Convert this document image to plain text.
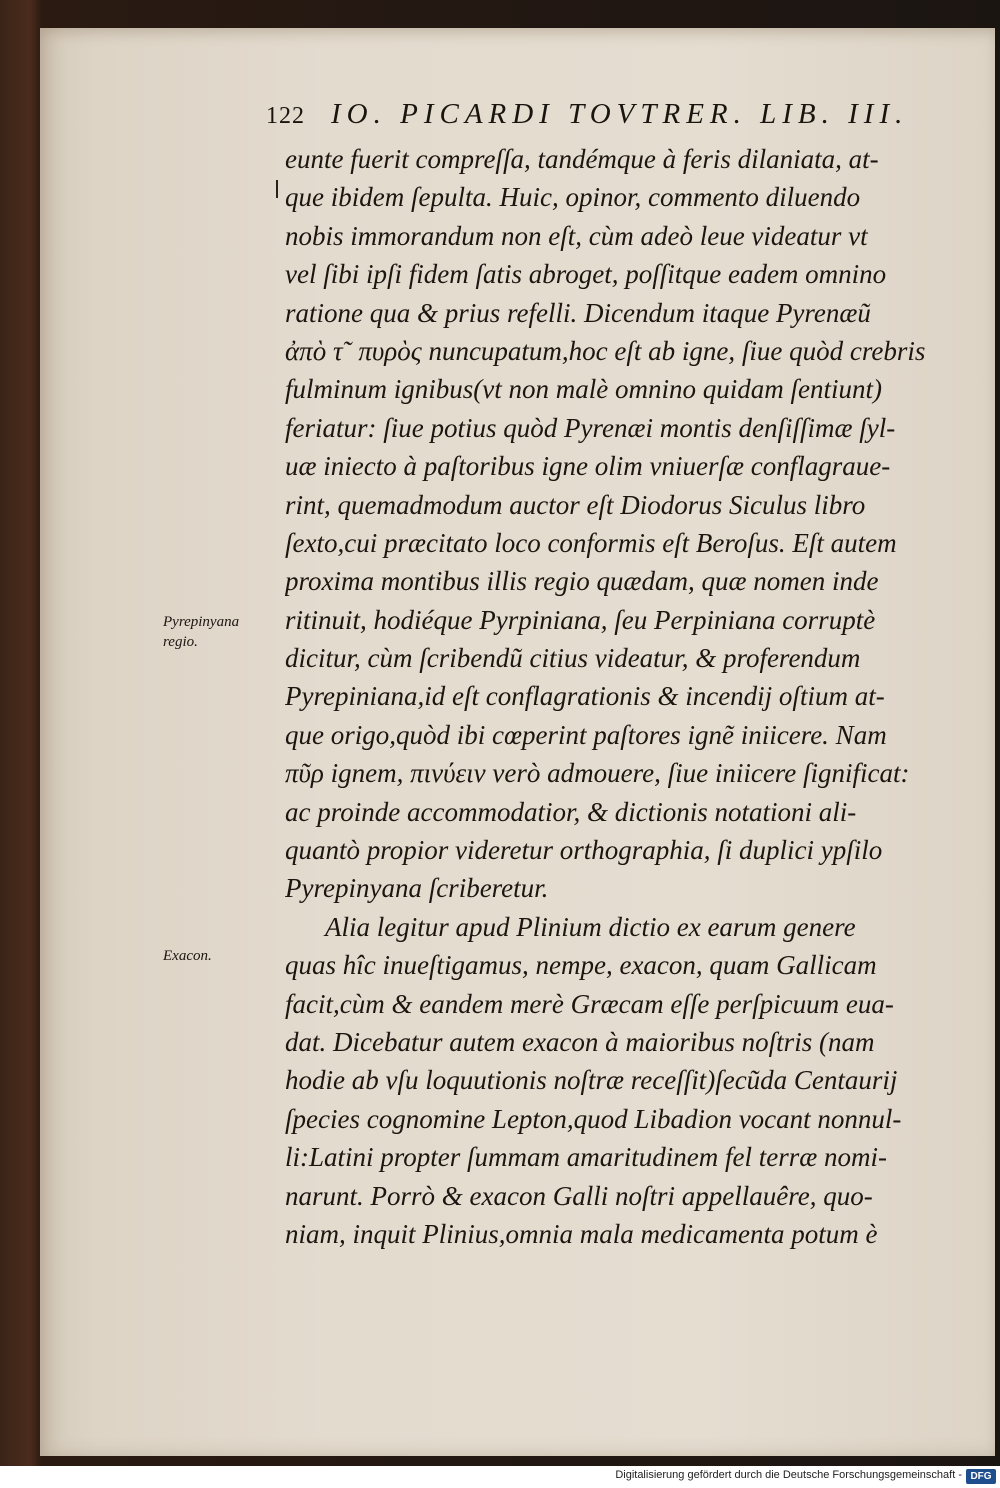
122 IO. PICARDI TOVTRER. LIB. III.
Pyrepinyana
regio.
Exacon.
eunte fuerit compreſſa, tandémque à feris dilaniata, at-
que ibidem ſepulta. Huic, opinor, commento diluendo
nobis immorandum non eſt, cùm adeò leue videatur vt
vel ſibi ipſi fidem ſatis abroget, poſſitque eadem omnino
ratione qua & prius refelli. Dicendum itaque Pyrenæũ
ἀπὸ τ῀ πυρὸς nuncupatum,hoc eſt ab igne, ſiue quòd crebris
fulminum ignibus(vt non malè omnino quidam ſentiunt)
feriatur: ſiue potius quòd Pyrenæi montis denſiſſimæ ſyl-
uæ iniecto à paſtoribus igne olim vniuerſæ conflagraue-
rint, quemadmodum auctor eſt Diodorus Siculus libro
ſexto,cui præcitato loco conformis eſt Beroſus. Eſt autem
proxima montibus illis regio quædam, quæ nomen inde
ritinuit, hodiéque Pyrpiniana, ſeu Perpiniana corruptè
dicitur, cùm ſcribendũ citius videatur, & proferendum
Pyrepiniana,id eſt conflagrationis & incendij oſtium at-
que origo,quòd ibi cœperint paſtores ignẽ iniicere. Nam
πῦρ ignem, πινύειν verò admouere, ſiue iniicere ſignificat:
ac proinde accommodatior, & dictionis notationi ali-
quantò propior videretur orthographia, ſi duplici ypſilo
Pyrepinyana ſcriberetur.
Alia legitur apud Plinium dictio ex earum genere
quas hîc inueſtigamus, nempe, exacon, quam Gallicam
facit,cùm & eandem merè Græcam eſſe perſpicuum eua-
dat. Dicebatur autem exacon à maioribus noſtris (nam
hodie ab vſu loquutionis noſtræ receſſit)ſecũda Centaurij
ſpecies cognomine Lepton,quod Libadion vocant nonnul-
li:Latini propter ſummam amaritudinem fel terræ nomi-
narunt. Porrò & exacon Galli noſtri appellauêre, quo-
niam, inquit Plinius,omnia mala medicamenta potum è
Digitalisierung gefördert durch die Deutsche Forschungsgemeinschaft - DFG
